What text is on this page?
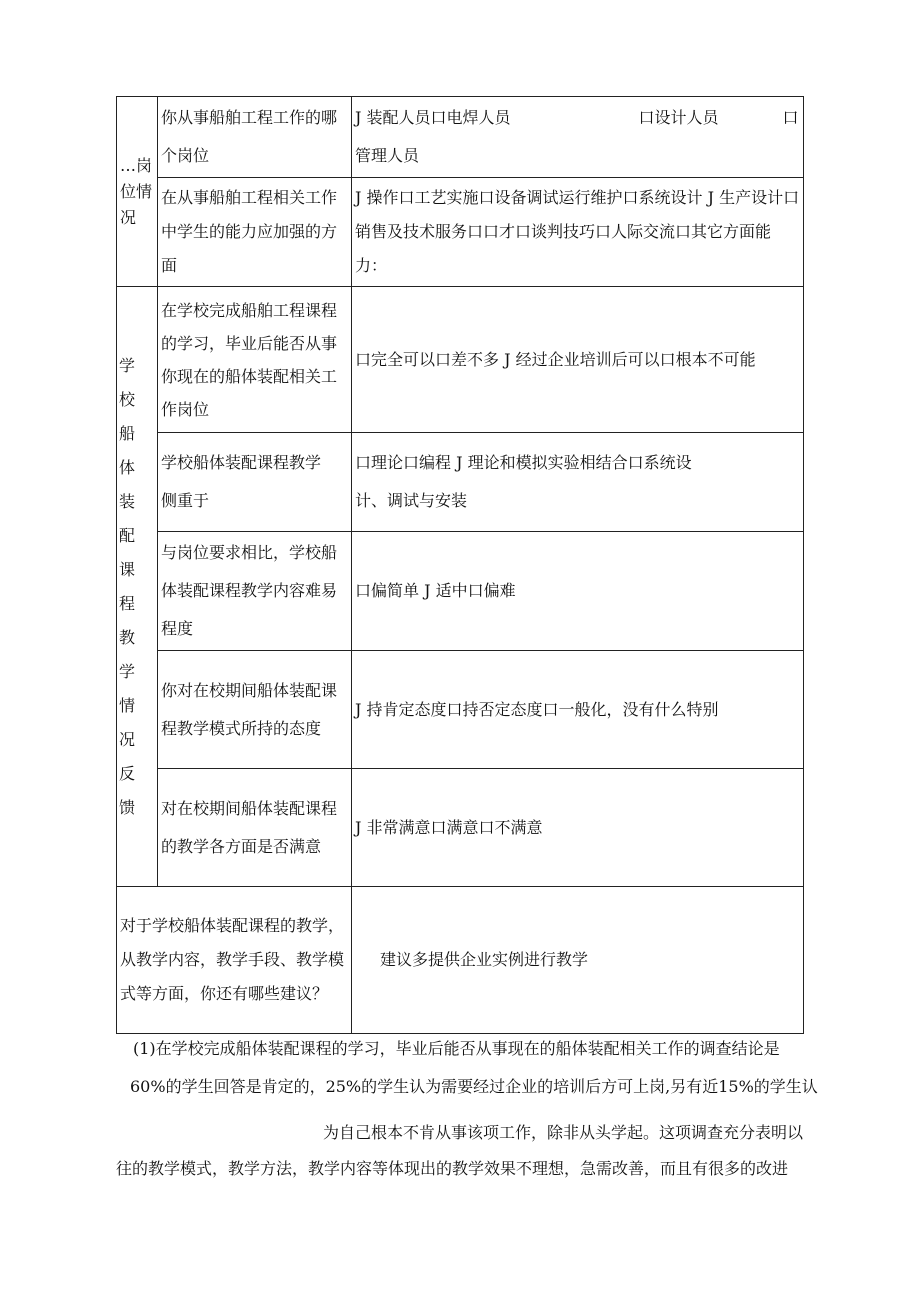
…岗位情况	你从事船舶工程工作的哪个岗位	J 装配人员口电焊人员　　　　　　　　口设计人员　　　　口管理人员
	在从事船舶工程相关工作中学生的能力应加强的方面	J 操作口工艺实施口设备调试运行维护口系统设计 J 生产设计口销售及技术服务口口才口谈判技巧口人际交流口其它方面能力：
学校船体装配课程教学情况反馈	在学校完成船舶工程课程的学习，毕业后能否从事你现在的船体装配相关工作岗位	口完全可以口差不多 J 经过企业培训后可以口根本不可能
	学校船体装配课程教学侧重于	口理论口编程 J 理论和模拟实验相结合口系统设计、调试与安装
	与岗位要求相比，学校船体装配课程教学内容难易程度	口偏简单 J 适中口偏难
	你对在校期间船体装配课程教学模式所持的态度	J 持肯定态度口持否定态度口一般化，没有什么特别
	对在校期间船体装配课程的教学各方面是否满意	J 非常满意口满意口不满意
对于学校船体装配课程的教学，从教学内容，教学手段、教学模式等方面，你还有哪些建议？		建议多提供企业实例进行教学

(1)在学校完成船体装配课程的学习，毕业后能否从事现在的船体装配相关工作的调查结论是

60%的学生回答是肯定的，25%的学生认为需要经过企业的培训后方可上岗,另有近15%的学生认

为自己根本不肯从事该项工作，除非从头学起。这项调查充分表明以

往的教学模式，教学方法，教学内容等体现出的教学效果不理想，急需改善，而且有很多的改进
